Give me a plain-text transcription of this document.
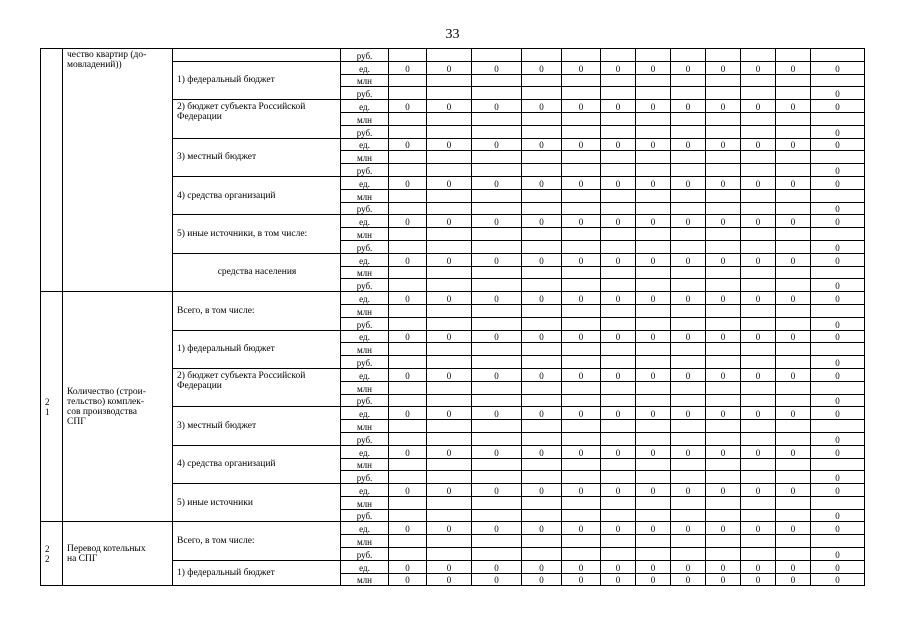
33
	чество квартир (до-
мовладений))		руб.												
		1) федеральный бюджет	ед.	0	0	0	0	0	0	0	0	0	0	0	0
			млн												
			руб.												0
		2) бюджет субъекта Российской Федерации	ед.	0	0	0	0	0	0	0	0	0	0	0	0
			млн												
			руб.												0
		3) местный бюджет	ед.	0	0	0	0	0	0	0	0	0	0	0	0
			млн												
			руб.												0
		4) средства организаций	ед.	0	0	0	0	0	0	0	0	0	0	0	0
			млн												
			руб.												0
		5) иные источники, в том числе:	ед.	0	0	0	0	0	0	0	0	0	0	0	0
			млн												
			руб.												0
		средства населения	ед.	0	0	0	0	0	0	0	0	0	0	0	0
			млн												
			руб.												0
2
1	Количество (строи-
тельство) комплек-
сов производства
СПГ	Всего, в том числе:	ед.	0	0	0	0	0	0	0	0	0	0	0	0
			млн												
			руб.												0
		1) федеральный бюджет	ед.	0	0	0	0	0	0	0	0	0	0	0	0
			млн												
			руб.												0
		2) бюджет субъекта Российской Федерации	ед.	0	0	0	0	0	0	0	0	0	0	0	0
			млн												
			руб.												0
		3) местный бюджет	ед.	0	0	0	0	0	0	0	0	0	0	0	0
			млн												
			руб.												0
		4) средства организаций	ед.	0	0	0	0	0	0	0	0	0	0	0	0
			млн												
			руб.												0
		5) иные источники	ед.	0	0	0	0	0	0	0	0	0	0	0	0
			млн												
			руб.												0
2
2	Перевод котельных
на СПГ	Всего, в том числе:	ед.	0	0	0	0	0	0	0	0	0	0	0	0
			млн												
			руб.												0
		1) федеральный бюджет	ед.	0	0	0	0	0	0	0	0	0	0	0	0
			млн	0	0	0	0	0	0	0	0	0	0	0	0
